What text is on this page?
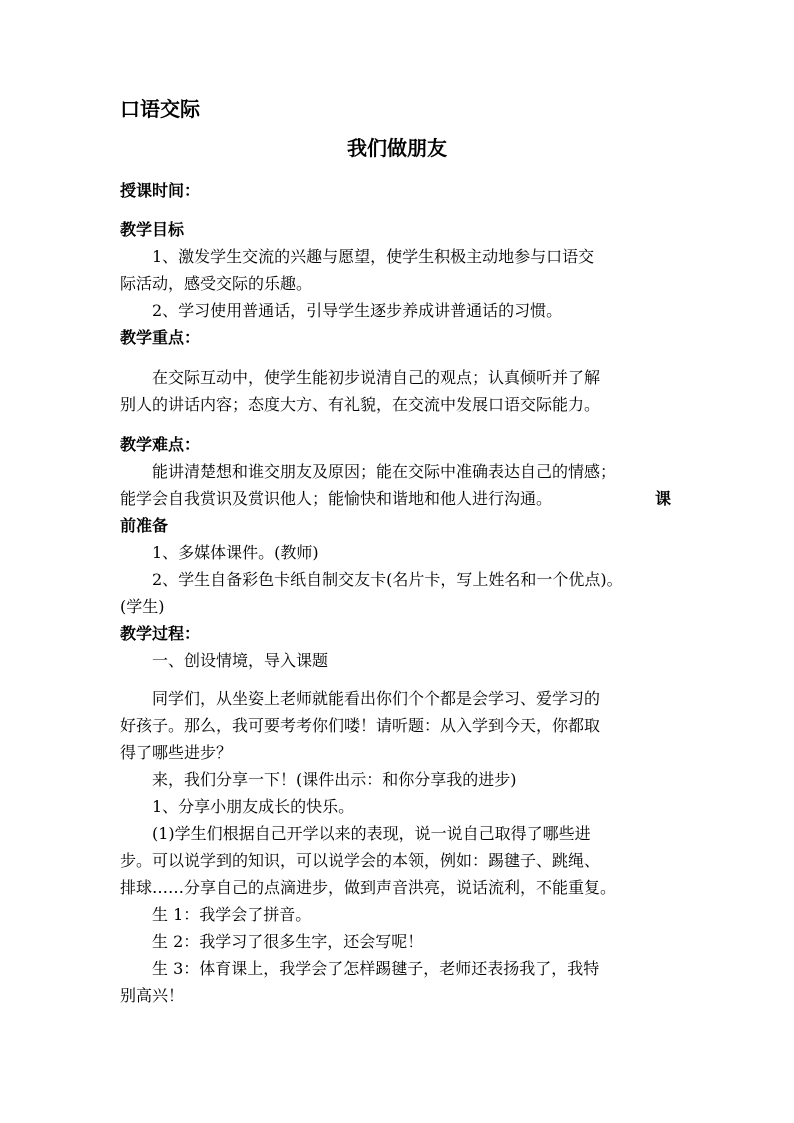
口语交际
我们做朋友
授课时间：
教学目标
1、激发学生交流的兴趣与愿望，使学生积极主动地参与口语交
际活动，感受交际的乐趣。
2、学习使用普通话，引导学生逐步养成讲普通话的习惯。
教学重点：
在交际互动中，使学生能初步说清自己的观点；认真倾听并了解
别人的讲话内容；态度大方、有礼貌，在交流中发展口语交际能力。
教学难点：
能讲清楚想和谁交朋友及原因；能在交际中准确表达自己的情感；
能学会自我赏识及赏识他人；能愉快和谐地和他人进行沟通。	课
前准备
1、多媒体课件。(教师)
2、学生自备彩色卡纸自制交友卡(名片卡，写上姓名和一个优点)。
(学生)
教学过程：
一、创设情境，导入课题
同学们，从坐姿上老师就能看出你们个个都是会学习、爱学习的
好孩子。那么，我可要考考你们喽！请听题：从入学到今天，你都取
得了哪些进步？
来，我们分享一下！(课件出示：和你分享我的进步)
1、分享小朋友成长的快乐。
(1)学生们根据自己开学以来的表现，说一说自己取得了哪些进
步。可以说学到的知识，可以说学会的本领，例如：踢毽子、跳绳、
排球……分享自己的点滴进步，做到声音洪亮，说话流利，不能重复。
生 1：我学会了拼音。
生 2：我学习了很多生字，还会写呢！
生 3：体育课上，我学会了怎样踢毽子，老师还表扬我了，我特
别高兴！
